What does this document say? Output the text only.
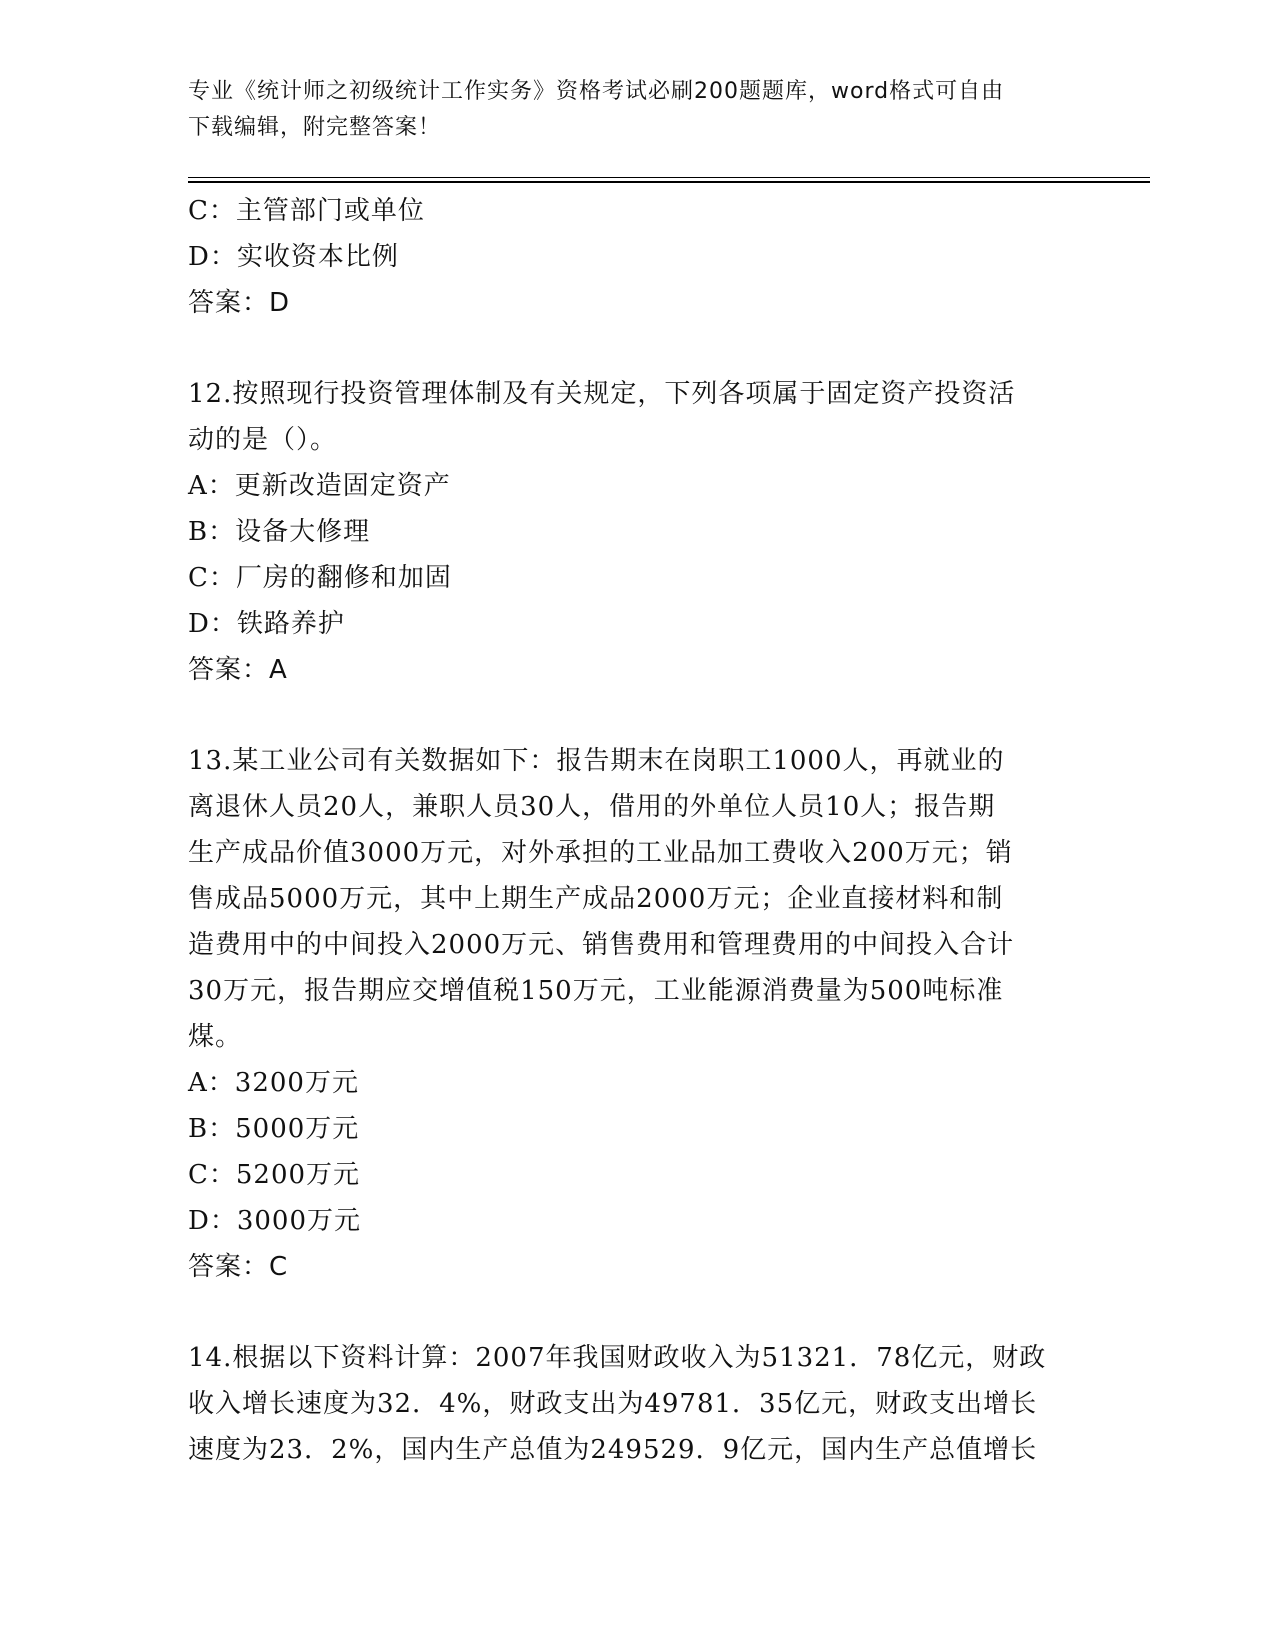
专业《统计师之初级统计工作实务》资格考试必刷200题题库，word格式可自由
下载编辑，附完整答案！
C：主管部门或单位
D：实收资本比例
答案：D
12.按照现行投资管理体制及有关规定，下列各项属于固定资产投资活
动的是（）。
A：更新改造固定资产
B：设备大修理
C：厂房的翻修和加固
D：铁路养护
答案：A
13.某工业公司有关数据如下：报告期末在岗职工1000人，再就业的
离退休人员20人，兼职人员30人，借用的外单位人员10人；报告期
生产成品价值3000万元，对外承担的工业品加工费收入200万元；销
售成品5000万元，其中上期生产成品2000万元；企业直接材料和制
造费用中的中间投入2000万元、销售费用和管理费用的中间投入合计
30万元，报告期应交增值税150万元，工业能源消费量为500吨标准
煤。
A：3200万元
B：5000万元
C：5200万元
D：3000万元
答案：C
14.根据以下资料计算：2007年我国财政收入为51321．78亿元，财政
收入增长速度为32．4%，财政支出为49781．35亿元，财政支出增长
速度为23．2%，国内生产总值为249529．9亿元，国内生产总值增长
